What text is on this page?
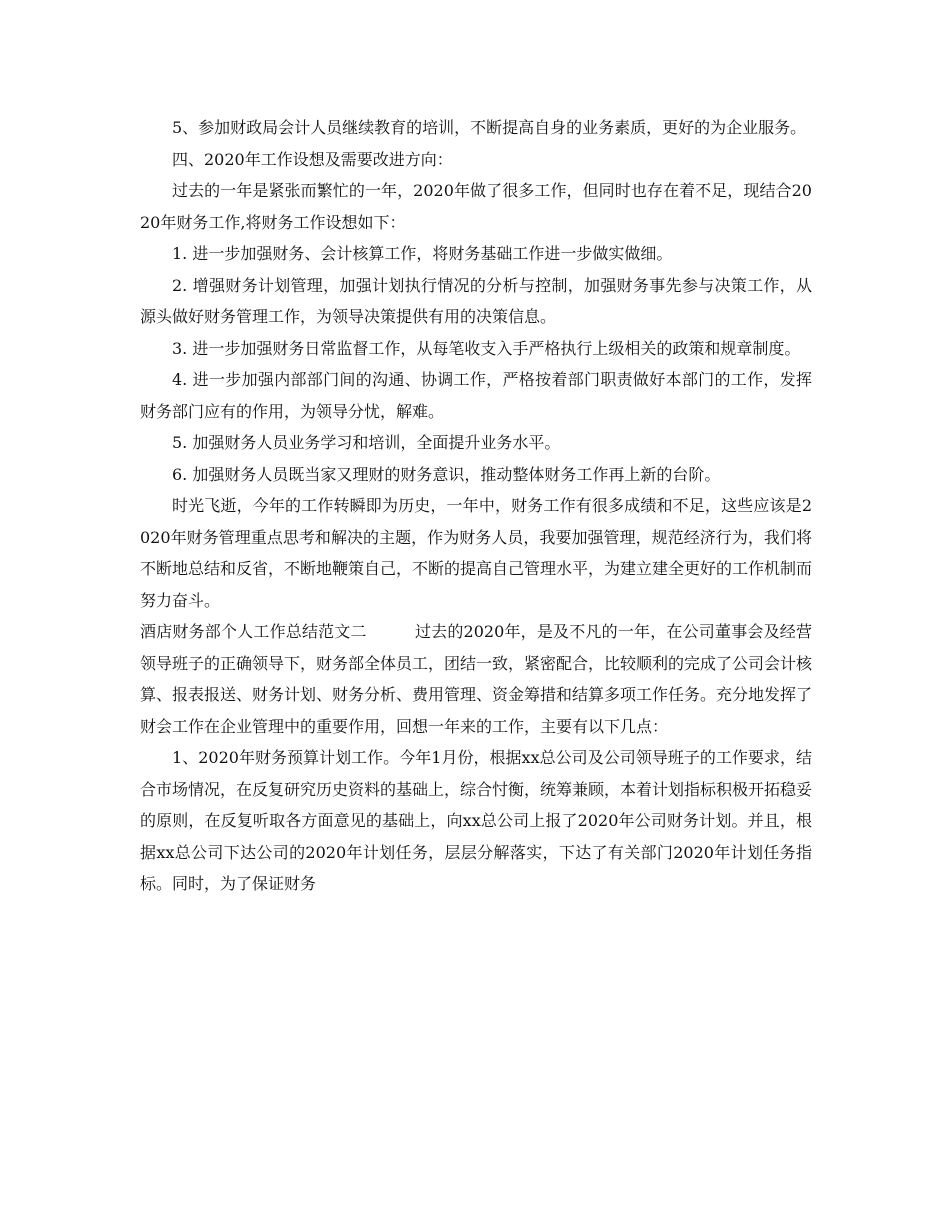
5、参加财政局会计人员继续教育的培训，不断提高自身的业务素质，更好的为企业服务。

四、2020年工作设想及需要改进方向：

过去的一年是紧张而繁忙的一年，2020年做了很多工作，但同时也存在着不足，现结合2020年财务工作,将财务工作设想如下：

1. 进一步加强财务、会计核算工作，将财务基础工作进一步做实做细。

2. 增强财务计划管理，加强计划执行情况的分析与控制，加强财务事先参与决策工作，从源头做好财务管理工作，为领导决策提供有用的决策信息。

3. 进一步加强财务日常监督工作，从每笔收支入手严格执行上级相关的政策和规章制度。

4. 进一步加强内部部门间的沟通、协调工作，严格按着部门职责做好本部门的工作，发挥财务部门应有的作用，为领导分忧，解难。

5. 加强财务人员业务学习和培训，全面提升业务水平。

6. 加强财务人员既当家又理财的财务意识，推动整体财务工作再上新的台阶。

时光飞逝，今年的工作转瞬即为历史，一年中，财务工作有很多成绩和不足，这些应该是2020年财务管理重点思考和解决的主题，作为财务人员，我要加强管理，规范经济行为，我们将不断地总结和反省，不断地鞭策自己，不断的提高自己管理水平，为建立建全更好的工作机制而努力奋斗。

酒店财务部个人工作总结范文二	过去的2020年，是及不凡的一年，在公司董事会及经营领导班子的正确领导下，财务部全体员工，团结一致，紧密配合，比较顺利的完成了公司会计核算、报表报送、财务计划、财务分析、费用管理、资金筹措和结算多项工作任务。充分地发挥了财会工作在企业管理中的重要作用，回想一年来的工作，主要有以下几点：

1、2020年财务预算计划工作。今年1月份，根据xx总公司及公司领导班子的工作要求，结合市场情况，在反复研究历史资料的基础上，综合忖衡，统筹兼顾，本着计划指标积极开拓稳妥的原则，在反复听取各方面意见的基础上，向xx总公司上报了2020年公司财务计划。并且，根据xx总公司下达公司的2020年计划任务，层层分解落实，下达了有关部门2020年计划任务指标。同时，为了保证财务
